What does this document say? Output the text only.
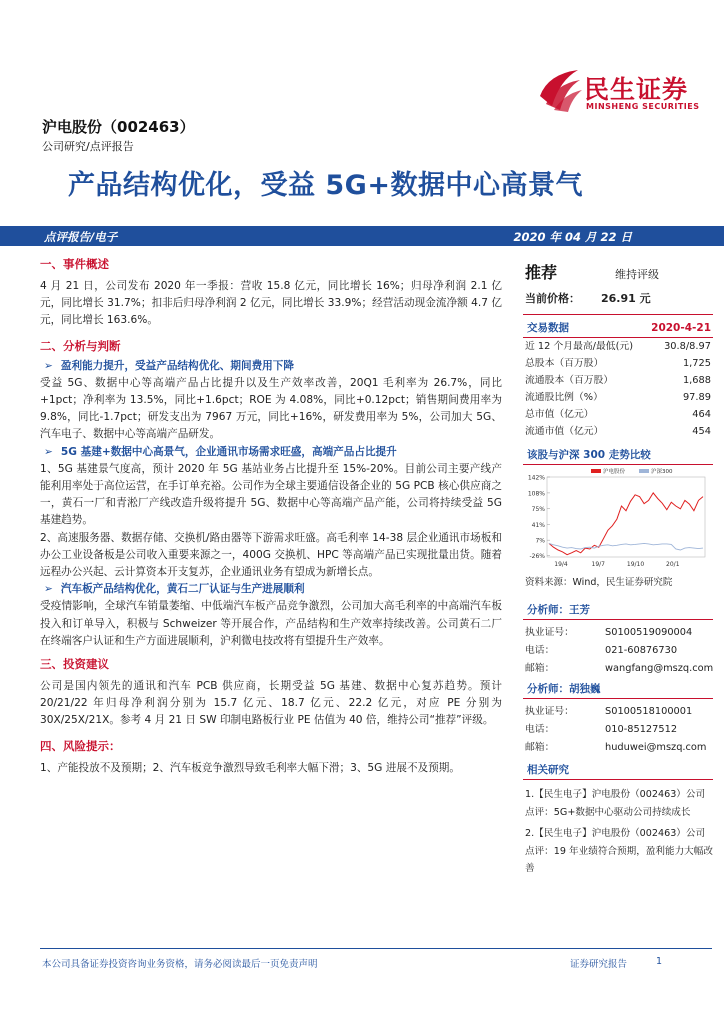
民生证券
MINSHENG SECURITIES
沪电股份（002463）
公司研究/点评报告
产品结构优化，受益 5G+数据中心高景气
点评报告/电子	2020 年 04 月 22 日
一、事件概述

4 月 21 日，公司发布 2020 年一季报：营收 15.8 亿元，同比增长 16%；归母净利润 2.1 亿元，同比增长 31.7%；扣非后归母净利润 2 亿元，同比增长 33.9%；经营活动现金流净额 4.7 亿元，同比增长 163.6%。

二、分析与判断

➢ 盈利能力提升，受益产品结构优化、期间费用下降

受益 5G、数据中心等高端产品占比提升以及生产效率改善，20Q1 毛利率为 26.7%，同比+1pct；净利率为 13.5%，同比+1.6pct；ROE 为 4.08%，同比+0.12pct；销售期间费用率为 9.8%，同比-1.7pct；研发支出为 7967 万元，同比+16%，研发费用率为 5%，公司加大 5G、汽车电子、数据中心等高端产品研发。

➢ 5G 基建+数据中心高景气，企业通讯市场需求旺盛，高端产品占比提升

1、5G 基建景气度高，预计 2020 年 5G 基站业务占比提升至 15%-20%。目前公司主要产线产能利用率处于高位运营，在手订单充裕。公司作为全球主要通信设备企业的 5G PCB 核心供应商之一，黄石一厂和青淞厂产线改造升级将提升 5G、数据中心等高端产品产能，公司将持续受益 5G 基建趋势。

2、高速服务器、数据存储、交换机/路由器等下游需求旺盛。高毛利率 14-38 层企业通讯市场板和办公工业设备板是公司收入重要来源之一，400G 交换机、HPC 等高端产品已实现批量出货。随着远程办公兴起、云计算资本开支复苏，企业通讯业务有望成为新增长点。

➢ 汽车板产品结构优化，黄石二厂认证与生产进展顺利

受疫情影响，全球汽车销量萎缩、中低端汽车板产品竞争激烈，公司加大高毛利率的中高端汽车板投入和订单导入，积极与 Schweizer 等开展合作，产品结构和生产效率持续改善。公司黄石二厂在终端客户认证和生产方面进展顺利，沪利微电技改将有望提升生产效率。

三、投资建议

公司是国内领先的通讯和汽车 PCB 供应商，长期受益 5G 基建、数据中心复苏趋势。预计 20/21/22 年归母净利润分别为 15.7 亿元、18.7 亿元、22.2 亿元，对应 PE 分别为 30X/25X/21X。参考 4 月 21 日 SW 印制电路板行业 PE 估值为 40 倍，维持公司“推荐”评级。

四、风险提示：

1、产能投放不及预期；2、汽车板竞争激烈导致毛利率大幅下滑；3、5G 进展不及预期。

推荐	维持评级
当前价格： 26.91 元
交易数据	2020-4-21
近 12 个月最高/最低(元)	30.8/8.97
总股本（百万股）	1,725
流通股本（百万股）	1,688
流通股比例（%）	97.89
总市值（亿元）	464
流通市值（亿元）	454
该股与沪深 300 走势比较
142%
108%
75%
41%
7%
-26%
19/4	19/7	19/10	20/1
沪电股份	沪深300
资料来源：Wind，民生证券研究院
分析师：王芳
执业证号：	S0100519090004
电话：	021-60876730
邮箱：	wangfang@mszq.com
分析师：胡独巍
执业证号：	S0100518100001
电话：	010-85127512
邮箱：	huduwei@mszq.com
相关研究
1.【民生电子】沪电股份（002463）公司点评：5G+数据中心驱动公司持续成长
2.【民生电子】沪电股份（002463）公司点评：19 年业绩符合预期，盈利能力大幅改善
本公司具备证券投资咨询业务资格，请务必阅读最后一页免责声明	证券研究报告	1
